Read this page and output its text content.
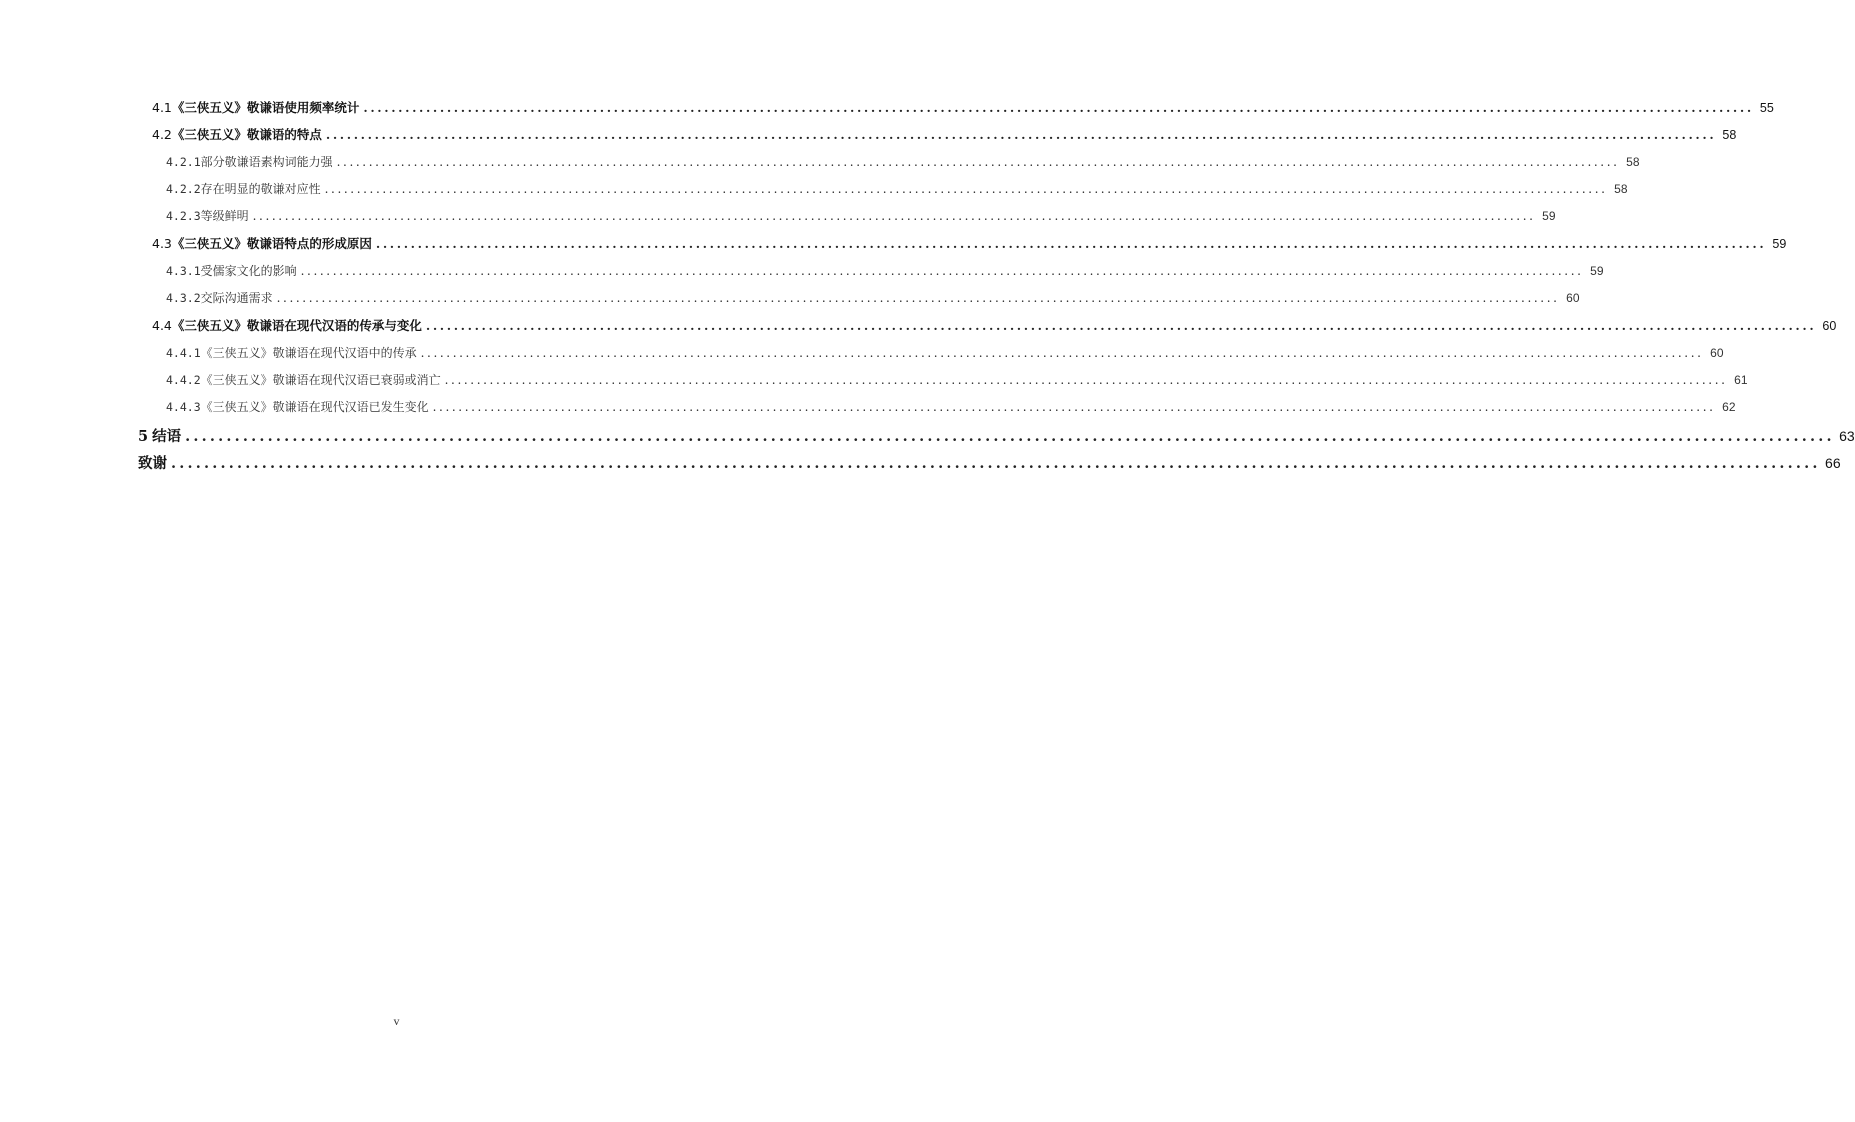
4.1 《三侠五义》敬谦语使用频率统计 ........................................................................................................................................................................................................ 55
4.2 《三侠五义》敬谦语的特点 ........................................................................................................................................................................................................ 58
4.2.1 部分敬谦语素构词能力强 ........................................................................................................................................................................................................ 58
4.2.2 存在明显的敬谦对应性 ........................................................................................................................................................................................................ 58
4.2.3 等级鲜明 ........................................................................................................................................................................................................ 59
4.3 《三侠五义》敬谦语特点的形成原因 ........................................................................................................................................................................................................ 59
4.3.1 受儒家文化的影响 ........................................................................................................................................................................................................ 59
4.3.2 交际沟通需求 ........................................................................................................................................................................................................ 60
4.4 《三侠五义》敬谦语在现代汉语的传承与变化 ........................................................................................................................................................................................................ 60
4.4.1 《三侠五义》敬谦语在现代汉语中的传承 ........................................................................................................................................................................................................ 60
4.4.2 《三侠五义》敬谦语在现代汉语已衰弱或消亡 ........................................................................................................................................................................................................ 61
4.4.3 《三侠五义》敬谦语在现代汉语已发生变化 ........................................................................................................................................................................................................ 62
5 结语 ........................................................................................................................................................................................................ 63
致谢 ........................................................................................................................................................................................................ 66
v
